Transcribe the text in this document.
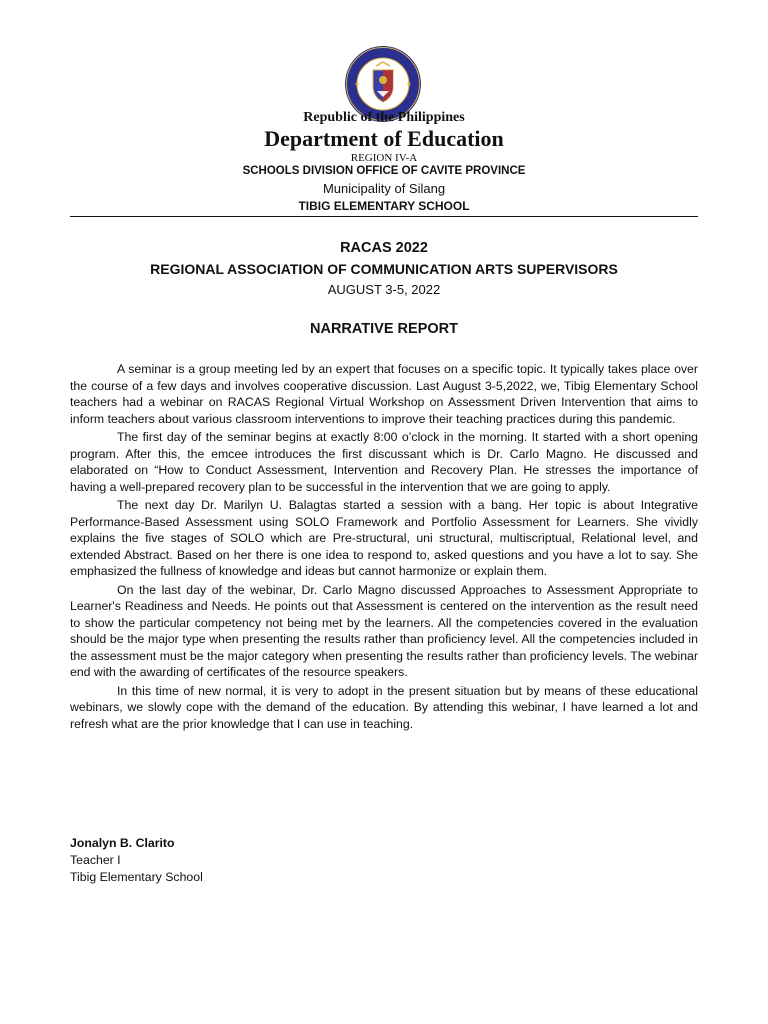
Republic of the Philippines
Department of Education
REGION IV-A
SCHOOLS DIVISION OFFICE OF CAVITE PROVINCE
Municipality of Silang
TIBIG ELEMENTARY SCHOOL
RACAS 2022
REGIONAL ASSOCIATION OF COMMUNICATION ARTS SUPERVISORS
AUGUST 3-5, 2022
NARRATIVE REPORT

A seminar is a group meeting led by an expert that focuses on a specific topic. It typically takes place over the course of a few days and involves cooperative discussion. Last August 3-5,2022, we, Tibig Elementary School teachers had a webinar on RACAS Regional Virtual Workshop on Assessment Driven Intervention that aims to inform teachers about various classroom interventions to improve their teaching practices during this pandemic.

The first day of the seminar begins at exactly 8:00 o’clock in the morning. It started with a short opening program. After this, the emcee introduces the first discussant which is Dr. Carlo Magno. He discussed and elaborated on “How to Conduct Assessment, Intervention and Recovery Plan. He stresses the importance of having a well-prepared recovery plan to be successful in the intervention that we are going to apply.

The next day Dr. Marilyn U. Balagtas started a session with a bang. Her topic is about Integrative Performance-Based Assessment using SOLO Framework and Portfolio Assessment for Learners. She vividly explains the five stages of SOLO which are Pre-structural, uni structural, multiscriptual, Relational level, and extended Abstract. Based on her there is one idea to respond to, asked questions and you have a lot to say. She emphasized the fullness of knowledge and ideas but cannot harmonize or explain them.

On the last day of the webinar, Dr. Carlo Magno discussed Approaches to Assessment Appropriate to Learner's Readiness and Needs. He points out that Assessment is centered on the intervention as the result need to show the particular competency not being met by the learners. All the competencies covered in the evaluation should be the major type when presenting the results rather than proficiency level. All the competencies included in the assessment must be the major category when presenting the results rather than proficiency levels. The webinar end with the awarding of certificates of the resource speakers.

In this time of new normal, it is very to adopt in the present situation but by means of these educational webinars, we slowly cope with the demand of the education. By attending this webinar, I have learned a lot and refresh what are the prior knowledge that I can use in teaching.

Jonalyn B. Clarito
Teacher I
Tibig Elementary School
